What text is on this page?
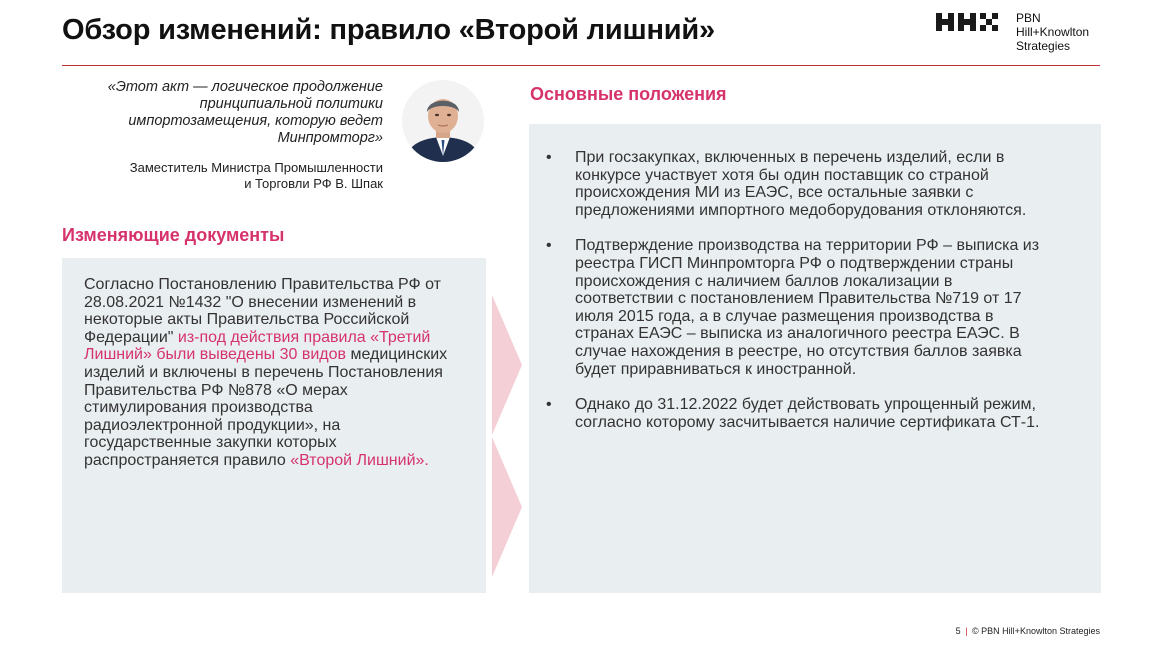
Обзор изменений: правило «Второй лишний»	PBN
Hill+Knowlton
Strategies

«Этот акт — логическое продолжение принципиальной политики импортозамещения, которую ведет Минпромторг»

Заместитель Министра Промышленности
и Торговли РФ В. Шпак
Изменяющие документы

Согласно Постановлению Правительства РФ от 28.08.2021 №1432 "О внесении изменений в некоторые акты Правительства Российской Федерации" из-под действия правила «Третий Лишний» были выведены 30 видов медицинских изделий и включены в перечень Постановления Правительства РФ №878 «О мерах стимулирования производства радиоэлектронной продукции», на государственные закупки которых распространяется правило «Второй Лишний».

Основные положения
• При госзакупках, включенных в перечень изделий, если в конкурсе участвует хотя бы один поставщик со страной происхождения МИ из ЕАЭС, все остальные заявки с предложениями импортного медоборудования отклоняются.
• Подтверждение производства на территории РФ – выписка из реестра ГИСП Минпромторга РФ о подтверждении страны происхождения с наличием баллов локализации в соответствии с постановлением Правительства №719 от 17 июля 2015 года, а в случае размещения производства в странах ЕАЭС – выписка из аналогичного реестра ЕАЭС. В случае нахождения в реестре, но отсутствия баллов заявка будет приравниваться к иностранной.
• Однако до 31.12.2022 будет действовать упрощенный режим, согласно которому засчитывается наличие сертификата СТ-1.
5 | © PBN Hill+Knowlton Strategies
